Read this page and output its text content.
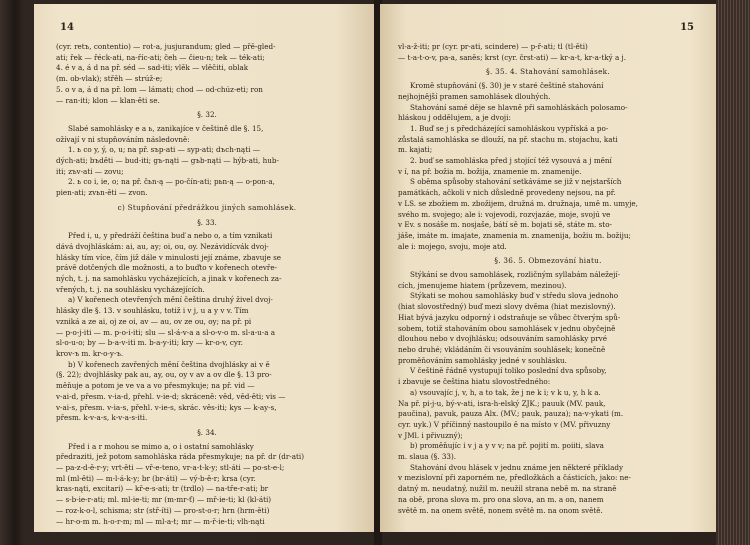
14

(cyr. retъ, contentio) — rot-a, jusjurandum; gled — přě-gled-

ati; řek — řéck-ati, na-říc-ati; čeh — čieu-n; tek — ték-ati;

4. é v a, á d na př. séd — sad-iti; vlěk — vlěčiti, oblak

(m. ob-vlak); střěh — strúž-e;

5. o v a, á d na př. lom — lámati; chod — od-chúz-eti; ron

— ran-iti; klon — klan-ěti se.

§. 32.

Slabé samohlásky e a ь, zanikajíce v češtině dle §. 15,

ožívají v ni stupňováním následovně:

1. ь co y, ý, o, u; na př. sъp-ati — syp-ati; dъch-nąti —

dých-ati; bъděti — bud-iti; gъ-nąti — gъb-nąti — hýb-ati, hub-

iti; zъv-ati — zovu;

2. ь co i, ie, o; na př. čьn-ą — po-čín-ati; pьn-ą — o-pon-a,

pien-ati; zvьn-ěti — zvon.

c) Stupňování předrážkou jiných samohlásek.

§. 33.

Před i, u, y předráží čeština buď a nebo o, a tím vznikati

dává dvojhláskám: ai, au, ay; oi, ou, oy. Nezávidícvák dvoj-

hlásky tím více, čím již dále v minulosti její známe, zbavuje se

právě dotčených dle možnosti, a to buďto v kořenech otevře-

ných, t. j. na samohlásku vycházejících, a jinak v kořenech za-

vřených, t. j. na souhlásku vycházejících.

a) V kořenech otevřených mění čeština druhý živel dvoj-

hlásky dle §. 13. v souhlásku, totiž i v j, u a y v v. Tím

vzniká a ze ai, oj ze oi, av — au, ov ze ou, oy; na př. pi

— p-o-j-iti — m. p-o-i-iti; slu — sl-á-v-a a sl-o-v-o m. sl-a-u-a a

sl-o-u-o; by — b-a-v-iti m. b-a-y-iti; kry — kr-o-v, cyr.

krov-ъ m. kr-o-y-ъ.

b) V kořenech zavřených mění čeština dvojhlásky ai v ě

(§. 22); dvojhlásky pak au, ay, ou, oy v av a ov dle §. 13 pro-

měňuje a potom je ve va a vo přesmykuje; na př. vid —

v-ai-d, přesm. v-ia-d, přehl. v-ie-d; skráceně: věd, věd-ěti; vis —

v-ai-s, přesm. v-ia-s, přehl. v-ie-s, skrác. věs-iti; kys — k-ay-s,

přesm. k-v-a-s, k-v-a-s-iti.

§. 34.

Před i a r mohou se mimo a, o i ostatní samohlásky

předraziti, jež potom samohláska ráda přesmykuje; na př. dr (dr-ati)

— pa-z-d-ě-r-y; vrt-ěti — vř-e-teno, vr-a-t-k-y; stl-áti — po-st-e-l;

ml (ml-ěti) — m-l-á-k-y; br (br-áti) — vý-b-ě-r; krsa (cyr.

kras-nąti, excitari) — kř-e-s-ati; tr (trdlo) — na-tře-r-ati; br

— s-b-ie-r-ati; ml. ml-ie-ti; mr (m-mr-ť) — mř-ie-ti; kl (kl-áti)

— roz-k-o-l, schisma; str (stř-íti) — pro-st-o-r; hrn (hrm-ěti)

— hr-o-m m. h-o-r-m; ml — ml-a-t; mr — m-ř-ie-ti; vlh-nąti

15

vl-a-ž-iti; pr (cyr. pr-ati, scindere) — p-ř-ati; tl (tl-ěti)

— t-a-t-o-v, pa-a, saněs; krst (cyr. črst-ati) — kr-a-t, kr-a-tký a j.

§. 35. 4. Stahování samohlásek.

Kromě stupňování (§. 30) je v staré češtině stahování

nejhojnější pramen samohlásek dlouhých.

Stahování samé děje se hlavně při samohláskách polosamo-

hláskou j oddělujem, a je dvoji:

1. Buď se j s předcházející samohláskou vypříská a po-

zůstalá samohláska se dlouží, na př. stachu m. stojachu, kati

m. kajati;

2. buď se samohláska před j stojící též vysouvá a j mění

v í, na př. božia m. božija, znamenie m. znamenije.

S oběma spůsoby stahování setkáváme se již v nejstarších

památkách, ačkoli v nich důsledně provedeny nejsou, na př.

v LS. se zbožiem m. zbožijem, družná m. družnaja, umě m. umyje,

svého m. svojego; ale i: vojevodi, rozvjazáe, moje, svojú ve

v Ev. s nosáše m. nosjaše, bátí sě m. bojati sě, státe m. sto-

jáše, imáte m. imajate, znamenia m. znamenija, božiu m. božiju;

ale i: mojego, svoju, moje atd.

§. 36. 5. Obmezování hiatu.

Stýkání se dvou samohlásek, rozličným syllabám náležejí-

cích, jmenujeme hiatem (průzevem, mezinou).

Stýkati se mohou samohlásky buď v středu slova jednoho

(hiat slovostředný) buď mezi slovy dvěma (hiat mezislovný).

Hiat bývá jazyku odporný i odstraňuje se vůbec čtverým spů-

sobem, totiž stahováním obou samohlásek v jednu obyčejně

dlouhou nebo v dvojhlásku; odsouváním samohlásky prvé

nebo druhé; vkládáním či vsouváním souhlásek; konečně

proměňováním samohlásky jedné v souhlásku.

V češtině řádně vystupují toliko poslední dva spůsoby,

i zbavuje se čeština hiatu slovostředného:

a) vsouvajíc j, v, h, a to tak, že j ne k i; v k u, y, h k a.

Na př. pi-j-u, bý-v-ati, isra-h-elský ZJK.; pauuk (MV. pauk,

paučina), pavuk, pauza Alx. (MV.; pauk, pauza); na-v-ykati (m.

cyr. uyk.) V příčinný nastoupilo ě na místo v (MV. přivuzny

v JMl. i přivuzný);

b) proměňujíc i v j a y v v; na př. pojití m. poiiti, slava

m. slaua (§. 33).

Stahování dvou hlásek v jednu známe jen některé příklady

v mezislovní při zaporném ne, předložkách a částicích, jako: ne-

datný m. neudatný, nužil m. neužil strana nebě m. na straně

na obě, prona slova m. pro ona slova, an m. a on, nanem

světě m. na onem světě, nonem světě m. na onom světě.
